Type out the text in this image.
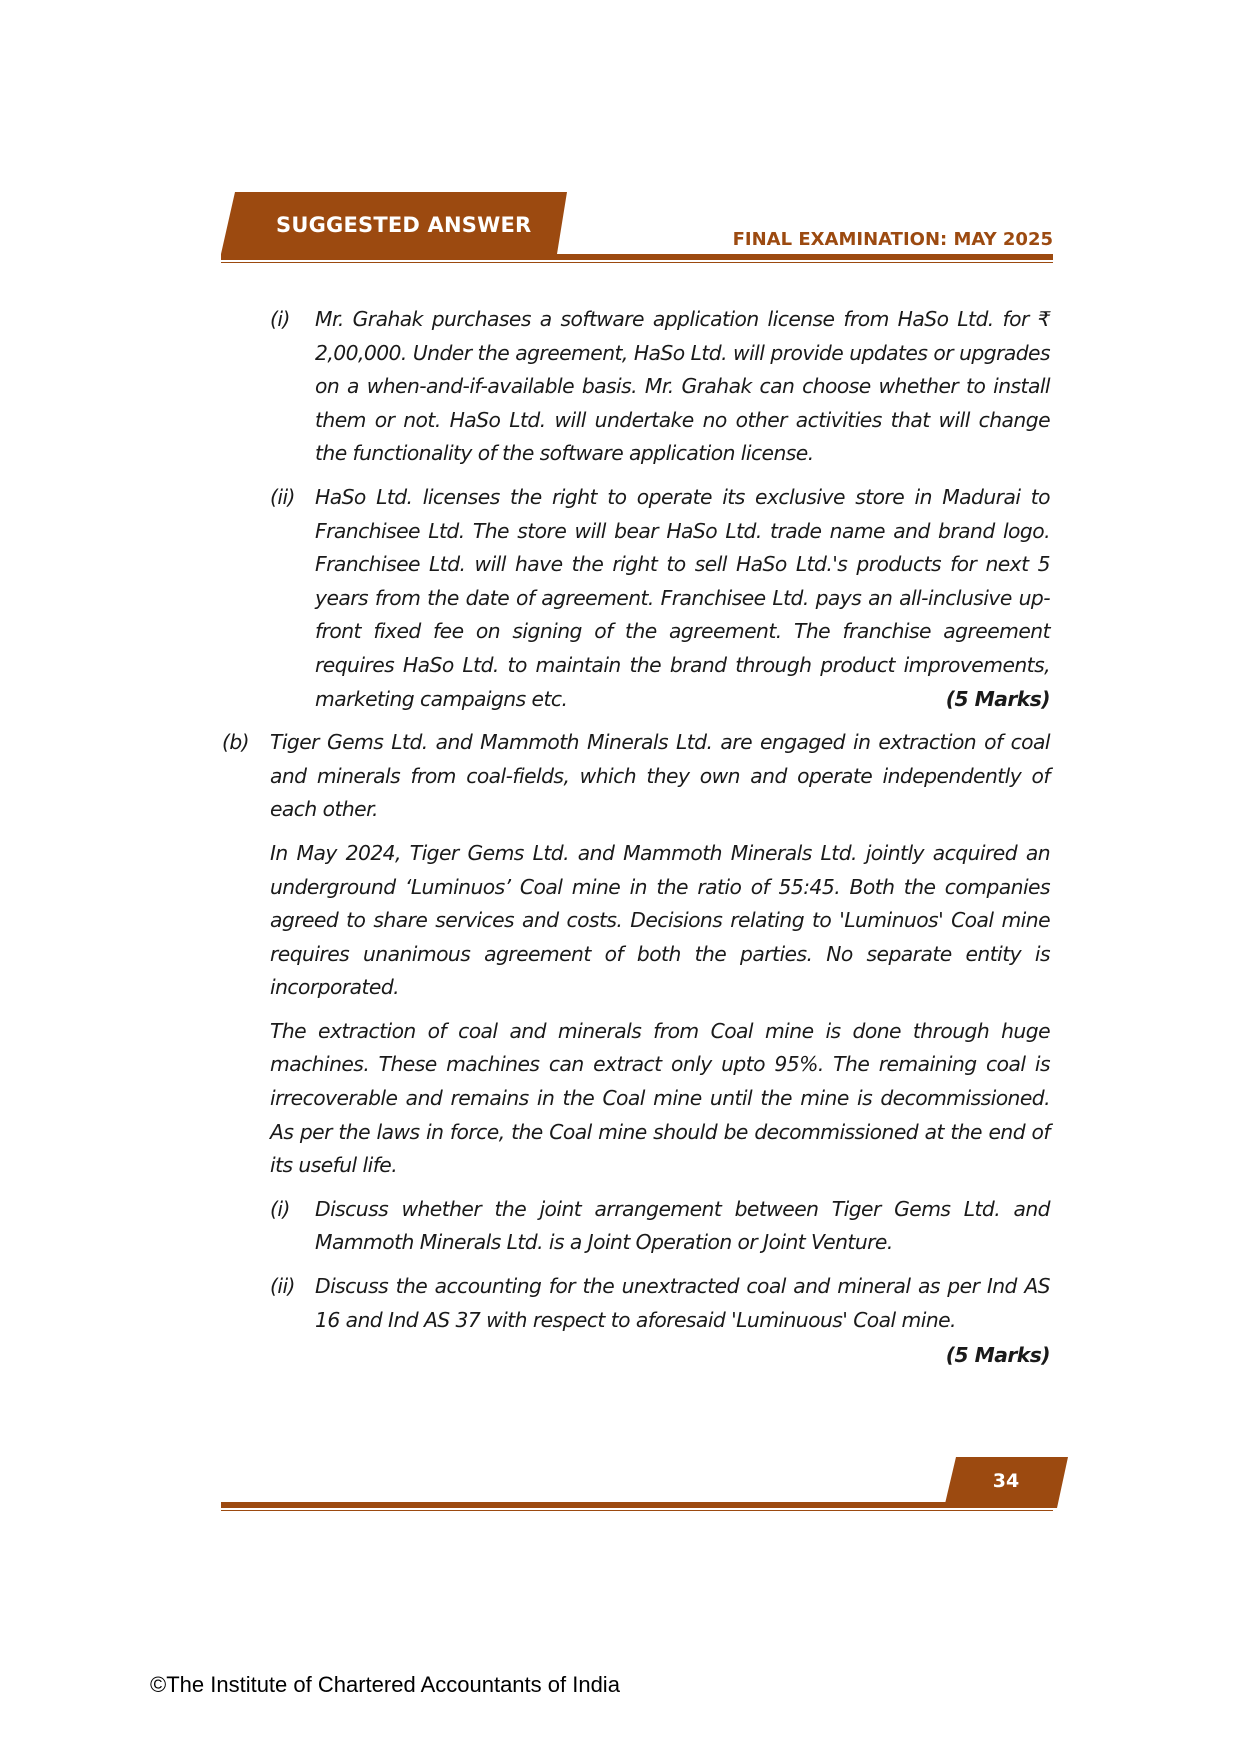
SUGGESTED ANSWER
FINAL EXAMINATION: MAY 2025
(i) Mr. Grahak purchases a software application license from HaSo Ltd. for ₹ 2,00,000. Under the agreement, HaSo Ltd. will provide updates or upgrades on a when-and-if-available basis. Mr. Grahak can choose whether to install them or not. HaSo Ltd. will undertake no other activities that will change the functionality of the software application license.

(ii) HaSo Ltd. licenses the right to operate its exclusive store in Madurai to Franchisee Ltd. The store will bear HaSo Ltd. trade name and brand logo. Franchisee Ltd. will have the right to sell HaSo Ltd.'s products for next 5 years from the date of agreement. Franchisee Ltd. pays an all-inclusive up-front fixed fee on signing of the agreement. The franchise agreement requires HaSo Ltd. to maintain the brand through product improvements, marketing campaigns etc.	(5 Marks)

(b) Tiger Gems Ltd. and Mammoth Minerals Ltd. are engaged in extraction of coal and minerals from coal-fields, which they own and operate independently of each other.

In May 2024, Tiger Gems Ltd. and Mammoth Minerals Ltd. jointly acquired an underground ‘Luminuos’ Coal mine in the ratio of 55:45. Both the companies agreed to share services and costs. Decisions relating to 'Luminuos' Coal mine requires unanimous agreement of both the parties. No separate entity is incorporated.

The extraction of coal and minerals from Coal mine is done through huge machines. These machines can extract only upto 95%. The remaining coal is irrecoverable and remains in the Coal mine until the mine is decommissioned. As per the laws in force, the Coal mine should be decommissioned at the end of its useful life.

(i) Discuss whether the joint arrangement between Tiger Gems Ltd. and Mammoth Minerals Ltd. is a Joint Operation or Joint Venture.

(ii) Discuss the accounting for the unextracted coal and mineral as per Ind AS 16 and Ind AS 37 with respect to aforesaid 'Luminuous' Coal mine.

(5 Marks)
34
©The Institute of Chartered Accountants of India
